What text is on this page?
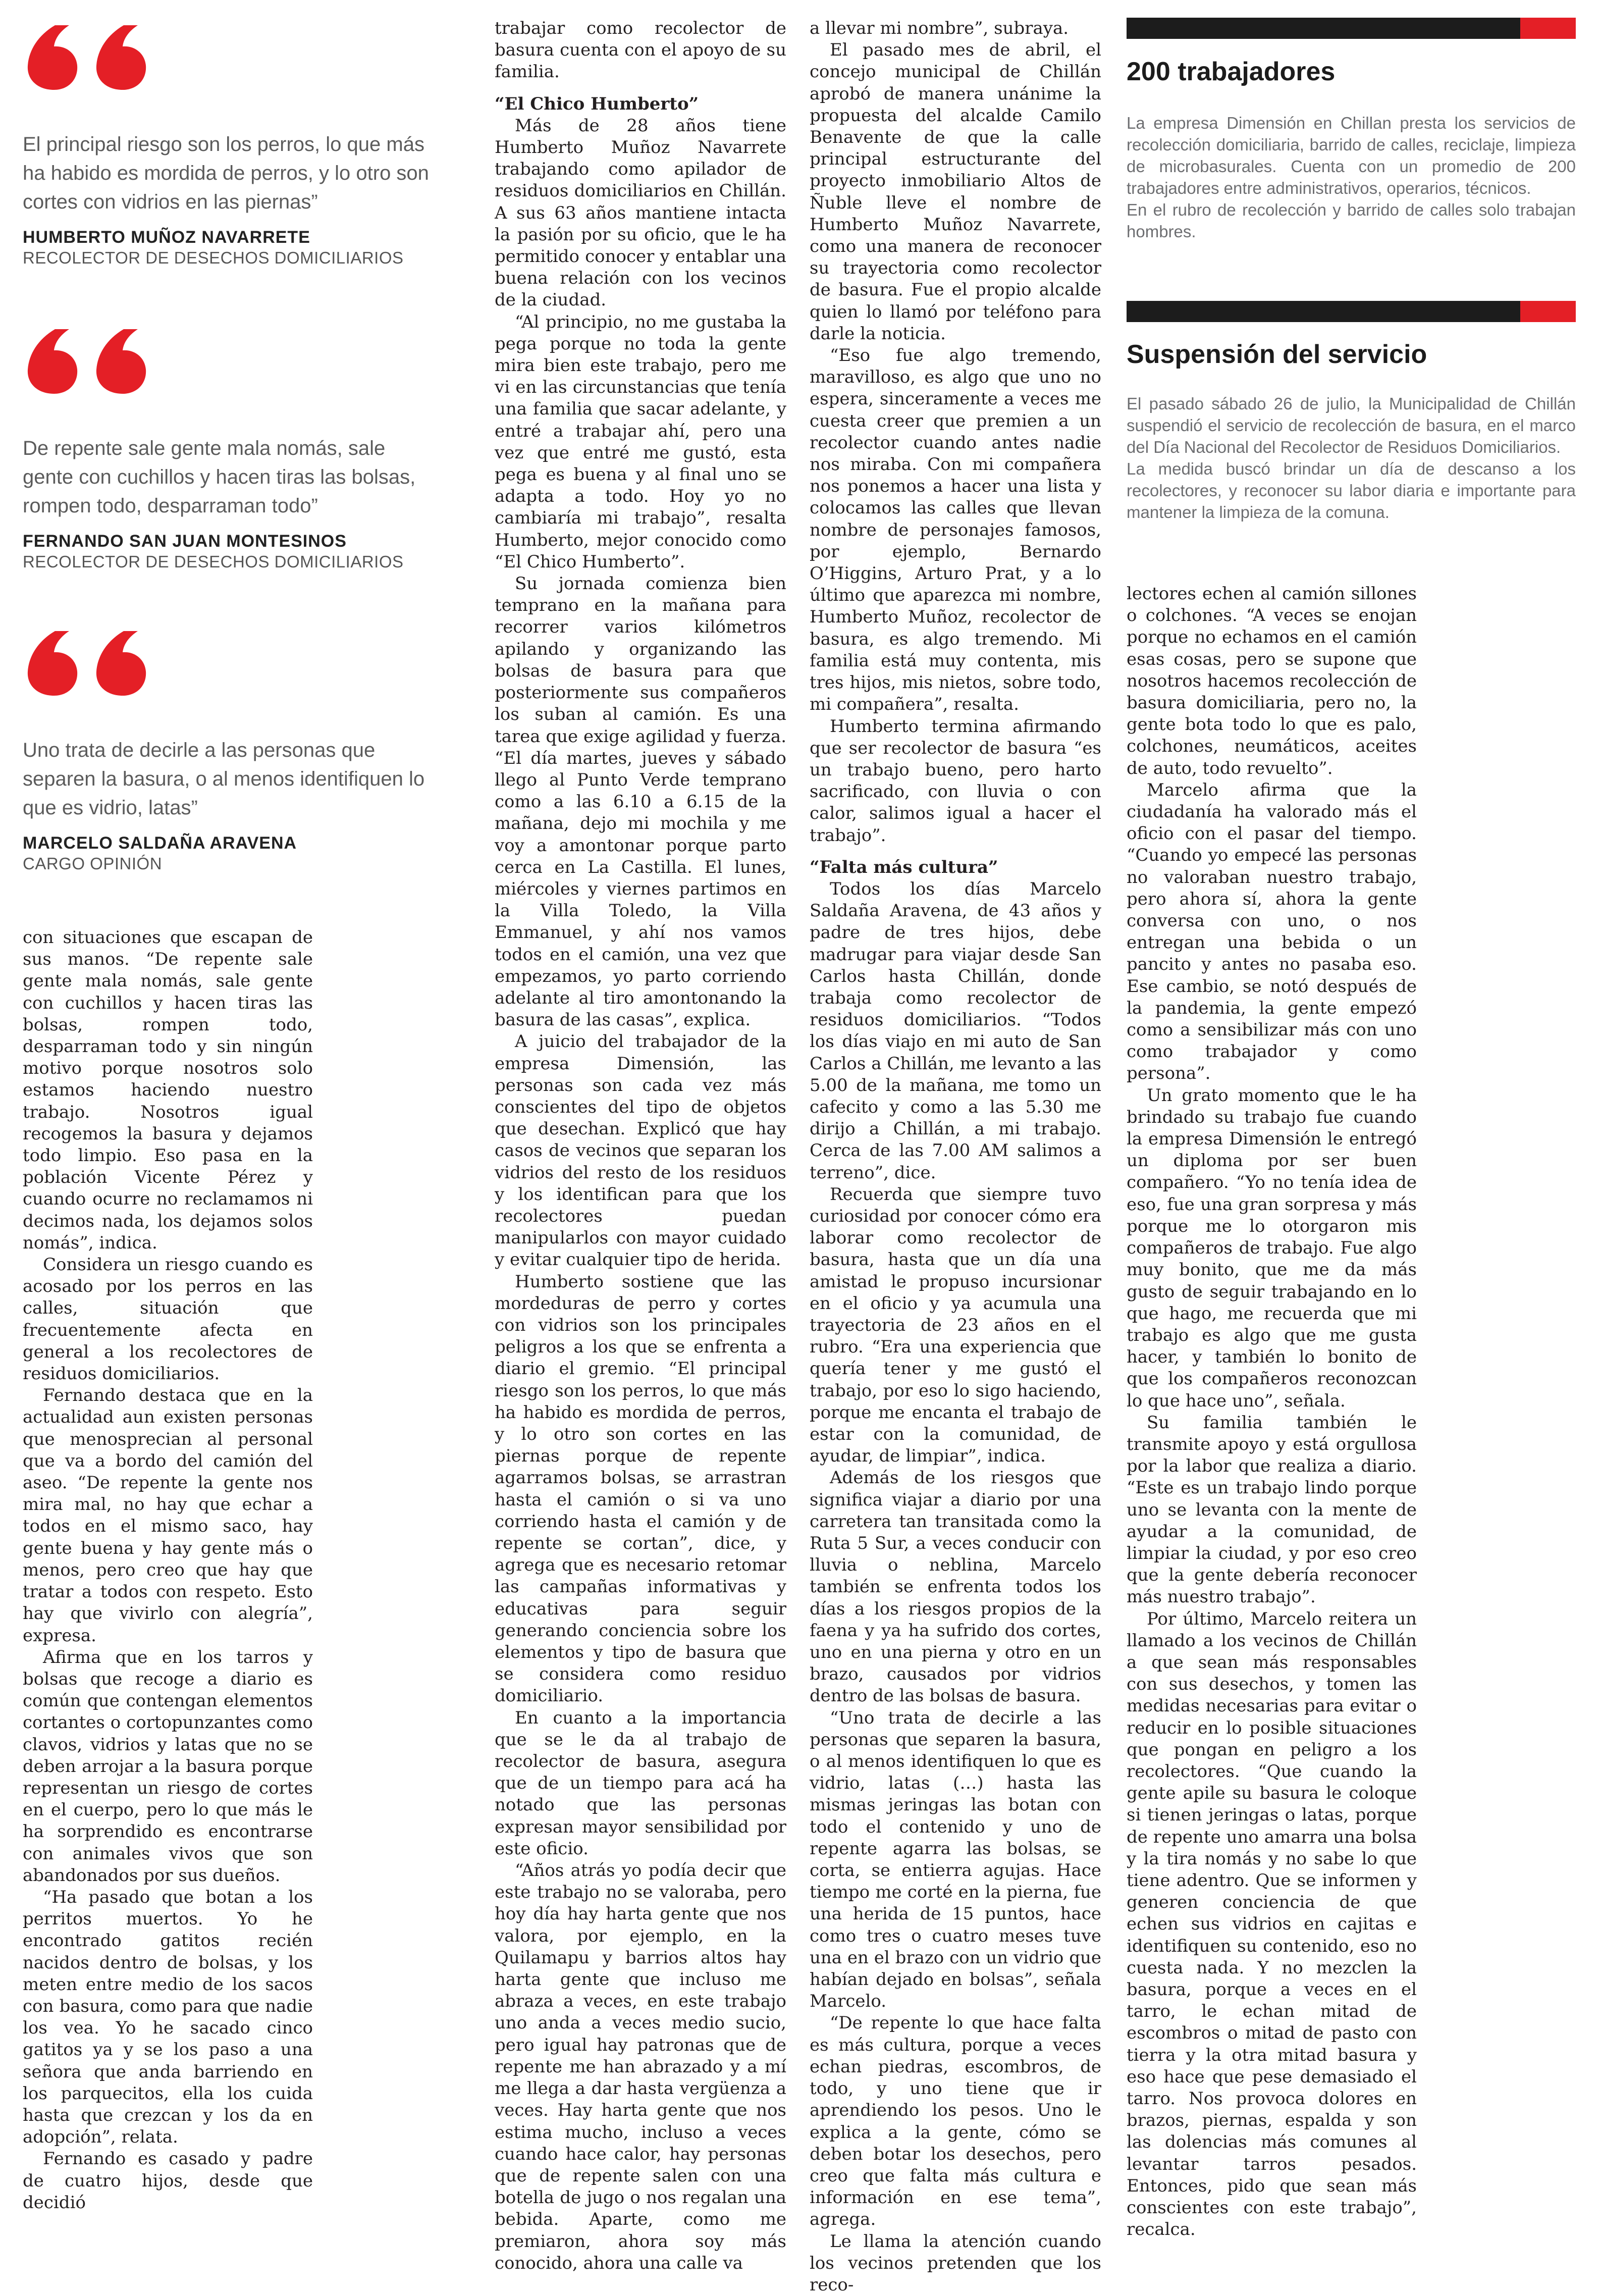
El principal riesgo son los perros, lo que más ha habido es mordida de perros, y lo otro son cortes con vidrios en las piernas”
HUMBERTO MUÑOZ NAVARRETE
RECOLECTOR DE DESECHOS DOMICILIARIOS
De repente sale gente mala nomás, sale gente con cuchillos y hacen tiras las bolsas, rompen todo, desparraman todo”
FERNANDO SAN JUAN MONTESINOS
RECOLECTOR DE DESECHOS DOMICILIARIOS
Uno trata de decirle a las personas que separen la basura, o al menos identifiquen lo que es vidrio, latas”
MARCELO SALDAÑA ARAVENA
CARGO OPINIÓN

con situaciones que escapan de sus manos. “De repente sale gente mala nomás, sale gente con cuchillos y hacen tiras las bolsas, rompen todo, desparraman todo y sin ningún motivo porque nosotros solo estamos haciendo nuestro trabajo. Nosotros igual recogemos la basura y dejamos todo limpio. Eso pasa en la población Vicente Pérez y cuando ocurre no reclamamos ni decimos nada, los dejamos solos nomás”, indica.

Considera un riesgo cuando es acosado por los perros en las calles, situación que frecuentemente afecta en general a los recolectores de residuos domiciliarios.

Fernando destaca que en la actualidad aun existen personas que menosprecian al personal que va a bordo del camión del aseo. “De repente la gente nos mira mal, no hay que echar a todos en el mismo saco, hay gente buena y hay gente más o menos, pero creo que hay que tratar a todos con respeto. Esto hay que vivirlo con alegría”, expresa.

Afirma que en los tarros y bolsas que recoge a diario es común que contengan elementos cortantes o cortopunzantes como clavos, vidrios y latas que no se deben arrojar a la basura porque representan un riesgo de cortes en el cuerpo, pero lo que más le ha sorprendido es encontrarse con animales vivos que son abandonados por sus dueños.

“Ha pasado que botan a los perritos muertos. Yo he encontrado gatitos recién nacidos dentro de bolsas, y los meten entre medio de los sacos con basura, como para que nadie los vea. Yo he sacado cinco gatitos ya y se los paso a una señora que anda barriendo en los parquecitos, ella los cuida hasta que crezcan y los da en adopción”, relata.

Fernando es casado y padre de cuatro hijos, desde que decidió

trabajar como recolector de basura cuenta con el apoyo de su familia.

“El Chico Humberto”

Más de 28 años tiene Humberto Muñoz Navarrete trabajando como apilador de residuos domiciliarios en Chillán. A sus 63 años mantiene intacta la pasión por su oficio, que le ha permitido conocer y entablar una buena relación con los vecinos de la ciudad.

“Al principio, no me gustaba la pega porque no toda la gente mira bien este trabajo, pero me vi en las circunstancias que tenía una familia que sacar adelante, y entré a trabajar ahí, pero una vez que entré me gustó, esta pega es buena y al final uno se adapta a todo. Hoy yo no cambiaría mi trabajo”, resalta Humberto, mejor conocido como “El Chico Humberto”.

Su jornada comienza bien temprano en la mañana para recorrer varios kilómetros apilando y organizando las bolsas de basura para que posteriormente sus compañeros los suban al camión. Es una tarea que exige agilidad y fuerza. “El día martes, jueves y sábado llego al Punto Verde temprano como a las 6.10 a 6.15 de la mañana, dejo mi mochila y me voy a amontonar porque parto cerca en La Castilla. El lunes, miércoles y viernes partimos en la Villa Toledo, la Villa Emmanuel, y ahí nos vamos todos en el camión, una vez que empezamos, yo parto corriendo adelante al tiro amontonando la basura de las casas”, explica.

A juicio del trabajador de la empresa Dimensión, las personas son cada vez más conscientes del tipo de objetos que desechan. Explicó que hay casos de vecinos que separan los vidrios del resto de los residuos y los identifican para que los recolectores puedan manipularlos con mayor cuidado y evitar cualquier tipo de herida.

Humberto sostiene que las mordeduras de perro y cortes con vidrios son los principales peligros a los que se enfrenta a diario el gremio. “El principal riesgo son los perros, lo que más ha habido es mordida de perros, y lo otro son cortes en las piernas porque de repente agarramos bolsas, se arrastran hasta el camión o si va uno corriendo hasta el camión y de repente se cortan”, dice, y agrega que es necesario retomar las campañas informativas y educativas para seguir generando conciencia sobre los elementos y tipo de basura que se considera como residuo domiciliario.

En cuanto a la importancia que se le da al trabajo de recolector de basura, asegura que de un tiempo para acá ha notado que las personas expresan mayor sensibilidad por este oficio.

“Años atrás yo podía decir que este trabajo no se valoraba, pero hoy día hay harta gente que nos valora, por ejemplo, en la Quilamapu y barrios altos hay harta gente que incluso me abraza a veces, en este trabajo uno anda a veces medio sucio, pero igual hay patronas que de repente me han abrazado y a mí me llega a dar hasta vergüenza a veces. Hay harta gente que nos estima mucho, incluso a veces cuando hace calor, hay personas que de repente salen con una botella de jugo o nos regalan una bebida. Aparte, como me premiaron, ahora soy más conocido, ahora una calle va

a llevar mi nombre”, subraya.

El pasado mes de abril, el concejo municipal de Chillán aprobó de manera unánime la propuesta del alcalde Camilo Benavente de que la calle principal estructurante del proyecto inmobiliario Altos de Ñuble lleve el nombre de Humberto Muñoz Navarrete, como una manera de reconocer su trayectoria como recolector de basura. Fue el propio alcalde quien lo llamó por teléfono para darle la noticia.

“Eso fue algo tremendo, maravilloso, es algo que uno no espera, sinceramente a veces me cuesta creer que premien a un recolector cuando antes nadie nos miraba. Con mi compañera nos ponemos a hacer una lista y colocamos las calles que llevan nombre de personajes famosos, por ejemplo, Bernardo O’Higgins, Arturo Prat, y a lo último que aparezca mi nombre, Humberto Muñoz, recolector de basura, es algo tremendo. Mi familia está muy contenta, mis tres hijos, mis nietos, sobre todo, mi compañera”, resalta.

Humberto termina afirmando que ser recolector de basura “es un trabajo bueno, pero harto sacrificado, con lluvia o con calor, salimos igual a hacer el trabajo”.

“Falta más cultura”

Todos los días Marcelo Saldaña Aravena, de 43 años y padre de tres hijos, debe madrugar para viajar desde San Carlos hasta Chillán, donde trabaja como recolector de residuos domiciliarios. “Todos los días viajo en mi auto de San Carlos a Chillán, me levanto a las 5.00 de la mañana, me tomo un cafecito y como a las 5.30 me dirijo a Chillán, a mi trabajo. Cerca de las 7.00 AM salimos a terreno”, dice.

Recuerda que siempre tuvo curiosidad por conocer cómo era laborar como recolector de basura, hasta que un día una amistad le propuso incursionar en el oficio y ya acumula una trayectoria de 23 años en el rubro. “Era una experiencia que quería tener y me gustó el trabajo, por eso lo sigo haciendo, porque me encanta el trabajo de estar con la comunidad, de ayudar, de limpiar”, indica.

Además de los riesgos que significa viajar a diario por una carretera tan transitada como la Ruta 5 Sur, a veces conducir con lluvia o neblina, Marcelo también se enfrenta todos los días a los riesgos propios de la faena y ya ha sufrido dos cortes, uno en una pierna y otro en un brazo, causados por vidrios dentro de las bolsas de basura.

“Uno trata de decirle a las personas que separen la basura, o al menos identifiquen lo que es vidrio, latas (…) hasta las mismas jeringas las botan con todo el contenido y uno de repente agarra las bolsas, se corta, se entierra agujas. Hace tiempo me corté en la pierna, fue una herida de 15 puntos, hace como tres o cuatro meses tuve una en el brazo con un vidrio que habían dejado en bolsas”, señala Marcelo.

“De repente lo que hace falta es más cultura, porque a veces echan piedras, escombros, de todo, y uno tiene que ir aprendiendo los pesos. Uno le explica a la gente, cómo se deben botar los desechos, pero creo que falta más cultura e información en ese tema”, agrega.

Le llama la atención cuando los vecinos pretenden que los reco-

200 trabajadores

La empresa Dimensión en Chillan presta los servicios de recolección domiciliaria, barrido de calles, reciclaje, limpieza de microbasurales. Cuenta con un promedio de 200 trabajadores entre administrativos, operarios, técnicos.

En el rubro de recolección y barrido de calles solo trabajan hombres.

Suspensión del servicio

El pasado sábado 26 de julio, la Municipalidad de Chillán suspendió el servicio de recolección de basura, en el marco del Día Nacional del Recolector de Residuos Domiciliarios.

La medida buscó brindar un día de descanso a los recolectores, y reconocer su labor diaria e importante para mantener la limpieza de la comuna.

lectores echen al camión sillones o colchones. “A veces se enojan porque no echamos en el camión esas cosas, pero se supone que nosotros hacemos recolección de basura domiciliaria, pero no, la gente bota todo lo que es palo, colchones, neumáticos, aceites de auto, todo revuelto”.

Marcelo afirma que la ciudadanía ha valorado más el oficio con el pasar del tiempo. “Cuando yo empecé las personas no valoraban nuestro trabajo, pero ahora sí, ahora la gente conversa con uno, o nos entregan una bebida o un pancito y antes no pasaba eso. Ese cambio, se notó después de la pandemia, la gente empezó como a sensibilizar más con uno como trabajador y como persona”.

Un grato momento que le ha brindado su trabajo fue cuando la empresa Dimensión le entregó un diploma por ser buen compañero. “Yo no tenía idea de eso, fue una gran sorpresa y más porque me lo otorgaron mis compañeros de trabajo. Fue algo muy bonito, que me da más gusto de seguir trabajando en lo que hago, me recuerda que mi trabajo es algo que me gusta hacer, y también lo bonito de que los compañeros reconozcan lo que hace uno”, señala.

Su familia también le transmite apoyo y está orgullosa por la labor que realiza a diario. “Este es un trabajo lindo porque uno se levanta con la mente de ayudar a la comunidad, de limpiar la ciudad, y por eso creo que la gente debería reconocer más nuestro trabajo”.

Por último, Marcelo reitera un llamado a los vecinos de Chillán a que sean más responsables con sus desechos, y tomen las medidas necesarias para evitar o reducir en lo posible situaciones que pongan en peligro a los recolectores. “Que cuando la gente apile su basura le coloque si tienen jeringas o latas, porque de repente uno amarra una bolsa y la tira nomás y no sabe lo que tiene adentro. Que se informen y generen conciencia de que echen sus vidrios en cajitas e identifiquen su contenido, eso no cuesta nada. Y no mezclen la basura, porque a veces en el tarro, le echan mitad de escombros o mitad de pasto con tierra y la otra mitad basura y eso hace que pese demasiado el tarro. Nos provoca dolores en brazos, piernas, espalda y son las dolencias más comunes al levantar tarros pesados. Entonces, pido que sean más conscientes con este trabajo”, recalca.
